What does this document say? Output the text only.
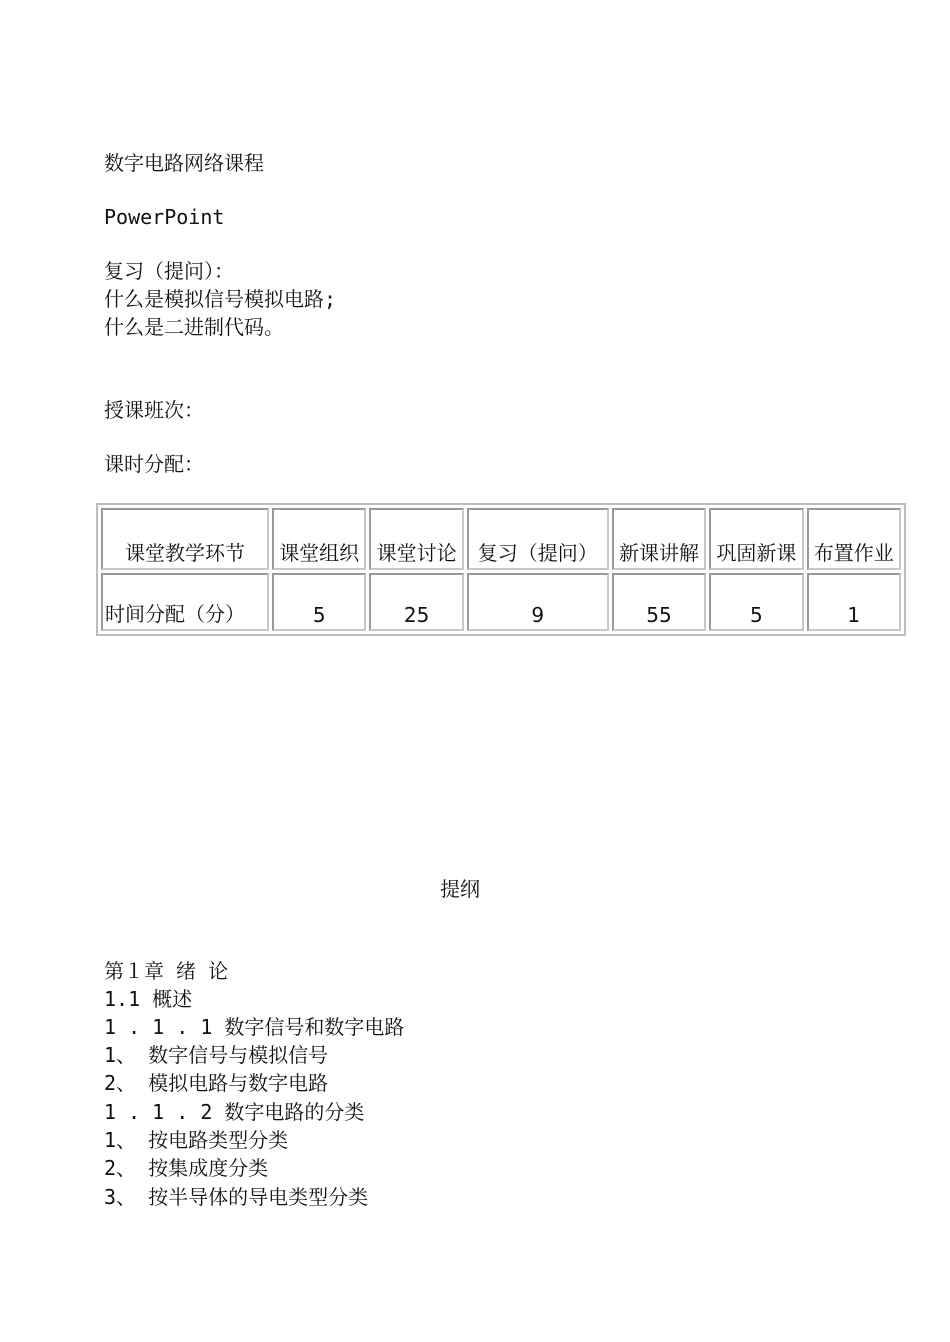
数字电路网络课程
PowerPoint
复习（提问）：
什么是模拟信号模拟电路;
什么是二进制代码。
授课班次：
课时分配：
课堂教学环节	课堂组织	课堂讨论	复习（提问）	新课讲解	巩固新课	布置作业
时间分配（分）	5	25	9	55	5	1
提纲
第１章 绪 论
1.1 概述
1 . 1 . 1 数字信号和数字电路
1、 数字信号与模拟信号
2、 模拟电路与数字电路
1 . 1 . 2 数字电路的分类
1、 按电路类型分类
2、 按集成度分类
3、 按半导体的导电类型分类
